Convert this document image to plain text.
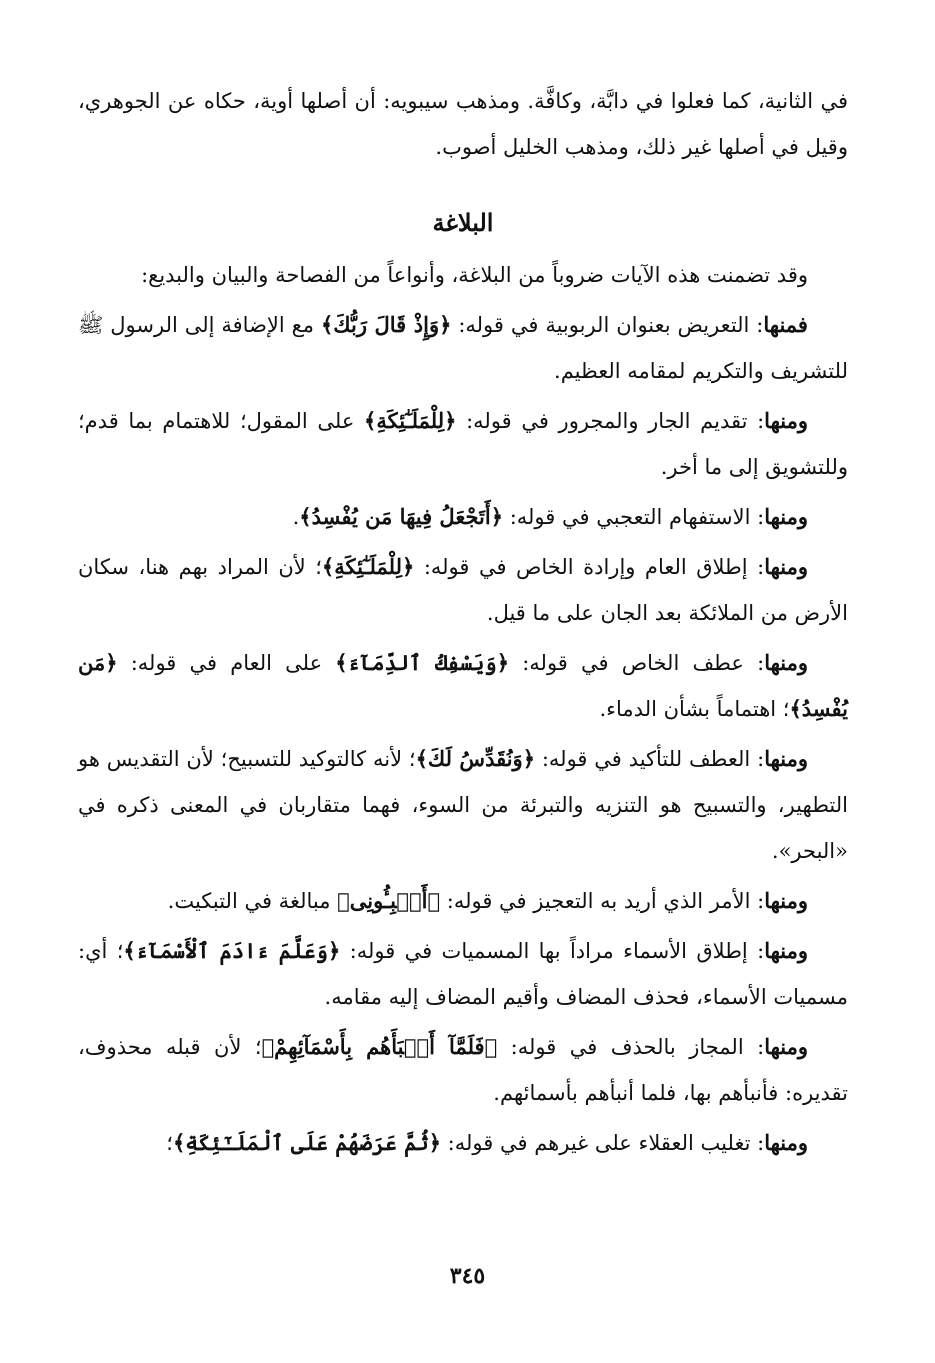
في الثانية، كما فعلوا في دابَّة، وكافَّة. ومذهب سيبويه: أن أصلها أوية، حكاه عن الجوهري، وقيل في أصلها غير ذلك، ومذهب الخليل أصوب.

البلاغة

وقد تضمنت هذه الآيات ضروباً من البلاغة، وأنواعاً من الفصاحة والبيان والبديع:

فمنها: التعريض بعنوان الربوبية في قوله: ﴿وَإِذْ قَالَ رَبُّكَ﴾ مع الإضافة إلى الرسول ﷺ للتشريف والتكريم لمقامه العظيم.

ومنها: تقديم الجار والمجرور في قوله: ﴿لِلْمَلَـٰٓئِكَةِ﴾ على المقول؛ للاهتمام بما قدم؛ وللتشويق إلى ما أخر.

ومنها: الاستفهام التعجبي في قوله: ﴿أَتَجْعَلُ فِيهَا مَن يُفْسِدُ﴾.

ومنها: إطلاق العام وإرادة الخاص في قوله: ﴿لِلْمَلَـٰٓئِكَةِ﴾؛ لأن المراد بهم هنا، سكان الأرض من الملائكة بعد الجان على ما قيل.

ومنها: عطف الخاص في قوله: ﴿وَيَسْفِكُ ٱلدِّمَآءَ﴾ على العام في قوله: ﴿مَن يُفْسِدُ﴾؛ اهتماماً بشأن الدماء.

ومنها: العطف للتأكيد في قوله: ﴿وَنُقَدِّسُ لَكَ﴾؛ لأنه كالتوكيد للتسبيح؛ لأن التقديس هو التطهير، والتسبيح هو التنزيه والتبرئة من السوء، فهما متقاربان في المعنى ذكره في «البحر».

ومنها: الأمر الذي أريد به التعجيز في قوله: ﴿أَنۢبِـُٔونِى﴾ مبالغة في التبكيت.

ومنها: إطلاق الأسماء مراداً بها المسميات في قوله: ﴿وَعَلَّمَ ءَادَمَ ٱلْأَسْمَآءَ﴾؛ أي: مسميات الأسماء، فحذف المضاف وأقيم المضاف إليه مقامه.

ومنها: المجاز بالحذف في قوله: ﴿فَلَمَّآ أَنۢبَأَهُم بِأَسْمَآئِهِمْ﴾؛ لأن قبله محذوف، تقديره: فأنبأهم بها، فلما أنبأهم بأسمائهم.

ومنها: تغليب العقلاء على غيرهم في قوله: ﴿ثُمَّ عَرَضَهُمْ عَلَى ٱلْمَلَـٰٓئِكَةِ﴾؛

٣٤٥
